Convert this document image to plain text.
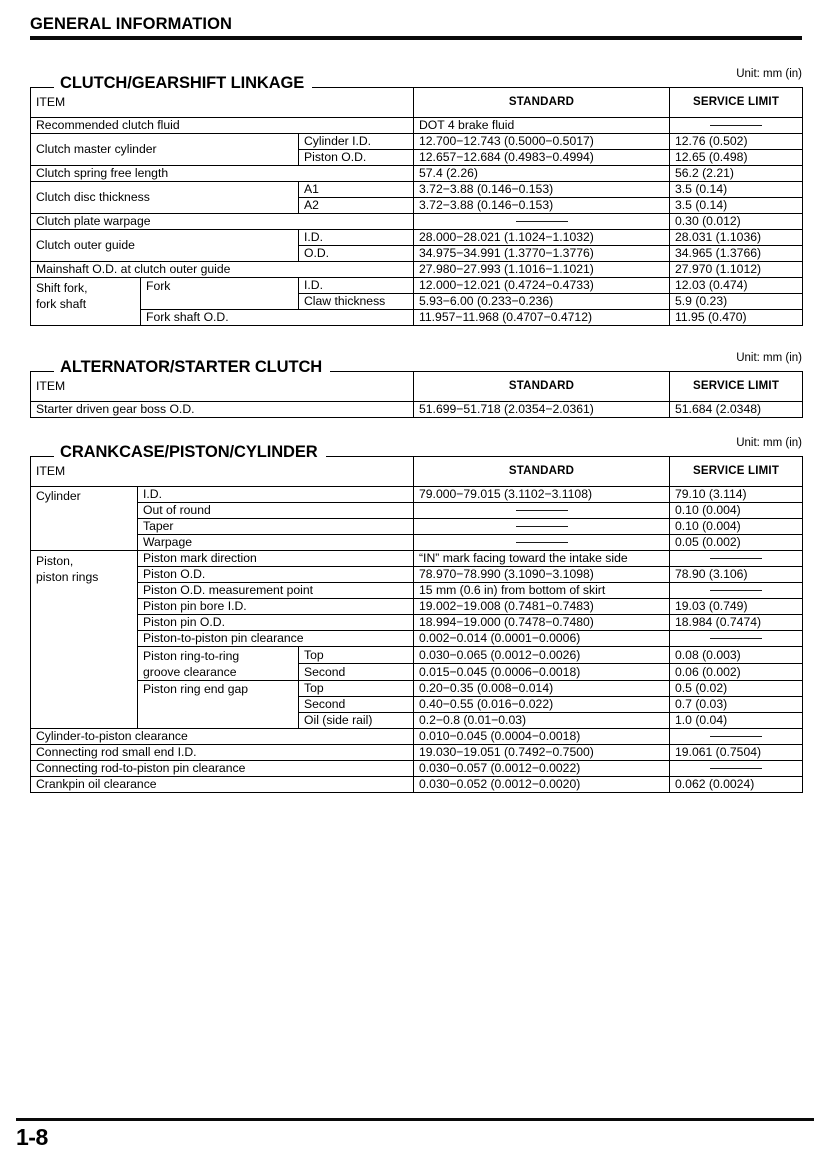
GENERAL INFORMATION
Unit: mm (in)
CLUTCH/GEARSHIFT LINKAGE
ITEM			STANDARD	SERVICE LIMIT
Recommended clutch fluid			DOT 4 brake fluid	

Clutch master cylinder		Cylinder I.D.	12.700−12.743 (0.5000−0.5017)	12.76 (0.502)
		Piston O.D.	12.657−12.684 (0.4983−0.4994)	12.65 (0.498)
Clutch spring free length			57.4 (2.26)	56.2 (2.21)
Clutch disc thickness		A1	3.72−3.88 (0.146−0.153)	3.5 (0.14)
		A2	3.72−3.88 (0.146−0.153)	3.5 (0.14)
Clutch plate warpage				0.30 (0.012)
Clutch outer guide		I.D.	28.000−28.021 (1.1024−1.1032)	28.031 (1.1036)
		O.D.	34.975−34.991 (1.3770−1.3776)	34.965 (1.3766)
Mainshaft O.D. at clutch outer guide			27.980−27.993 (1.1016−1.1021)	27.970 (1.1012)
Shift fork,
fork shaft	Fork	I.D.	12.000−12.021 (0.4724−0.4733)	12.03 (0.474)
		Claw thickness	5.93−6.00 (0.233−0.236)	5.9 (0.23)
	Fork shaft O.D.		11.957−11.968 (0.4707−0.4712)	11.95 (0.470)
Unit: mm (in)
ALTERNATOR/STARTER CLUTCH
ITEM	STANDARD	SERVICE LIMIT
Starter driven gear boss O.D.	51.699−51.718 (2.0354−2.0361)	51.684 (2.0348)
Unit: mm (in)
CRANKCASE/PISTON/CYLINDER
ITEM			STANDARD	SERVICE LIMIT
Cylinder	I.D.		79.000−79.015 (3.1102−3.1108)	79.10 (3.114)
	Out of round			0.10 (0.004)
	Taper			0.10 (0.004)
	Warpage			0.05 (0.002)
Piston,
piston rings	Piston mark direction		“IN” mark facing toward the intake side	

	Piston O.D.		78.970−78.990 (3.1090−3.1098)	78.90 (3.106)
	Piston O.D. measurement point		15 mm (0.6 in) from bottom of skirt	

	Piston pin bore I.D.		19.002−19.008 (0.7481−0.7483)	19.03 (0.749)
	Piston pin O.D.		18.994−19.000 (0.7478−0.7480)	18.984 (0.7474)
	Piston-to-piston pin clearance		0.002−0.014 (0.0001−0.0006)	

	Piston ring-to-ring
groove clearance	Top	0.030−0.065 (0.0012−0.0026)	0.08 (0.003)
		Second	0.015−0.045 (0.0006−0.0018)	0.06 (0.002)
	Piston ring end gap	Top	0.20−0.35 (0.008−0.014)	0.5 (0.02)
		Second	0.40−0.55 (0.016−0.022)	0.7 (0.03)
		Oil (side rail)	0.2−0.8 (0.01−0.03)	1.0 (0.04)
Cylinder-to-piston clearance			0.010−0.045 (0.0004−0.0018)	

Connecting rod small end I.D.			19.030−19.051 (0.7492−0.7500)	19.061 (0.7504)
Connecting rod-to-piston pin clearance			0.030−0.057 (0.0012−0.0022)	

Crankpin oil clearance			0.030−0.052 (0.0012−0.0020)	0.062 (0.0024)
1-8
